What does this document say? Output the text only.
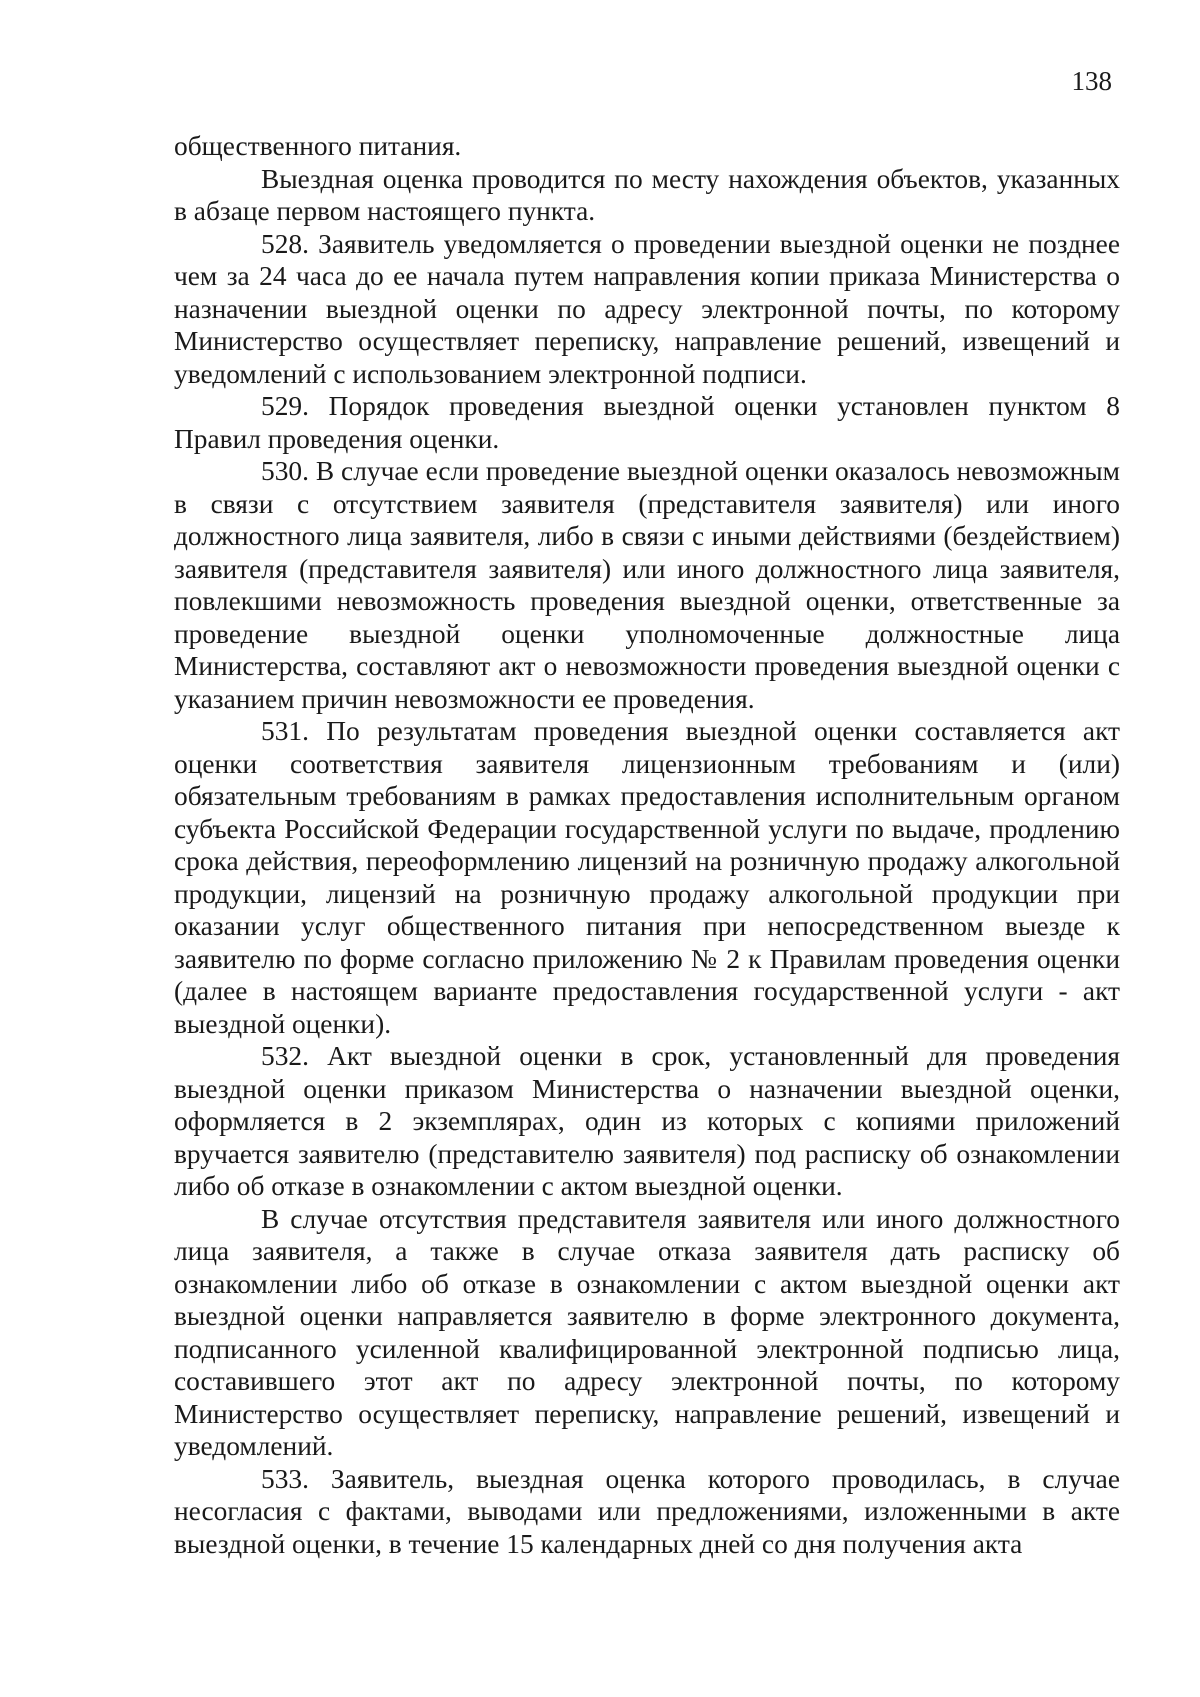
138

общественного питания.

Выездная оценка проводится по месту нахождения объектов, указанных в абзаце первом настоящего пункта.

528. Заявитель уведомляется о проведении выездной оценки не позднее чем за 24 часа до ее начала путем направления копии приказа Министерства о назначении выездной оценки по адресу электронной почты, по которому Министерство осуществляет переписку, направление решений, извещений и уведомлений с использованием электронной подписи.

529. Порядок проведения выездной оценки установлен пунктом 8 Правил проведения оценки.

530. В случае если проведение выездной оценки оказалось невозможным в связи с отсутствием заявителя (представителя заявителя) или иного должностного лица заявителя, либо в связи с иными действиями (бездействием) заявителя (представителя заявителя) или иного должностного лица заявителя, повлекшими невозможность проведения выездной оценки, ответственные за проведение выездной оценки уполномоченные должностные лица Министерства, составляют акт о невозможности проведения выездной оценки с указанием причин невозможности ее проведения.

531. По результатам проведения выездной оценки составляется акт оценки соответствия заявителя лицензионным требованиям и (или) обязательным требованиям в рамках предоставления исполнительным органом субъекта Российской Федерации государственной услуги по выдаче, продлению срока действия, переоформлению лицензий на розничную продажу алкогольной продукции, лицензий на розничную продажу алкогольной продукции при оказании услуг общественного питания при непосредственном выезде к заявителю по форме согласно приложению № 2 к Правилам проведения оценки (далее в настоящем варианте предоставления государственной услуги - акт выездной оценки).

532. Акт выездной оценки в срок, установленный для проведения выездной оценки приказом Министерства о назначении выездной оценки, оформляется в 2 экземплярах, один из которых с копиями приложений вручается заявителю (представителю заявителя) под расписку об ознакомлении либо об отказе в ознакомлении с актом выездной оценки.

В случае отсутствия представителя заявителя или иного должностного лица заявителя, а также в случае отказа заявителя дать расписку об ознакомлении либо об отказе в ознакомлении с актом выездной оценки акт выездной оценки направляется заявителю в форме электронного документа, подписанного усиленной квалифицированной электронной подписью лица, составившего этот акт по адресу электронной почты, по которому Министерство осуществляет переписку, направление решений, извещений и уведомлений.

533. Заявитель, выездная оценка которого проводилась, в случае несогласия с фактами, выводами или предложениями, изложенными в акте выездной оценки, в течение 15 календарных дней со дня получения акта
